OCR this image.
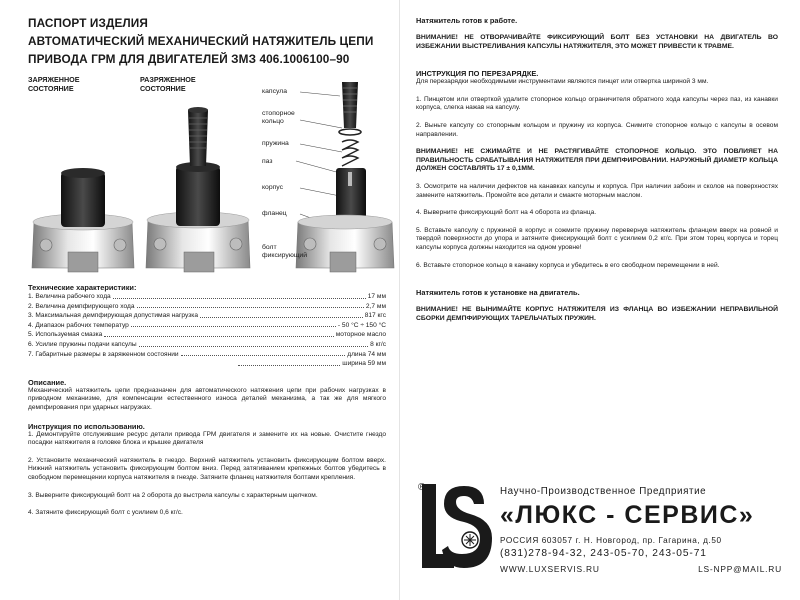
ПАСПОРТ ИЗДЕЛИЯ

АВТОМАТИЧЕСКИЙ МЕХАНИЧЕСКИЙ НАТЯЖИТЕЛЬ ЦЕПИ

ПРИВОДА ГРМ ДЛЯ ДВИГАТЕЛЕЙ ЗМЗ 406.1006100–90

ЗАРЯЖЕННОЕ
СОСТОЯНИЕ
РАЗРЯЖЕННОЕ
СОСТОЯНИЕ	капсула
стопорное
кольцо
пружина
паз
корпус
фланец
болт
фиксирующий

Технические характеристики:

1. Величина рабочего хода	17 мм
2. Величина демпфирующего хода	2,7 мм
3. Максимальная демпфирующая допустимая нагрузка	817 кгс
4. Диапазон рабочих температур	- 50 °С ÷ 150 °С
5. Используемая смазка	моторное масло
6. Усилие пружины подачи капсулы	8 кг/с
7. Габаритные размеры в заряженном состоянии	длина 74 мм
ширина 59 мм

Описание.

Механический натяжитель цепи предназначен для автоматического натяжения цепи при рабочих нагрузках в приводном механизме, для компенсации естественного износа деталей механизма, а так же для мягкого демпфирования при ударных нагрузках.

Инструкция по использованию.

1. Демонтируйте отслужившие ресурс детали привода ГРМ двигателя и замените их на новые. Очистите гнездо посадки натяжителя в головке блока и крышке двигателя

2. Установите механический натяжитель в гнездо. Верхний натяжитель установить фиксирующим болтом вверх. Нижний натяжитель установить фиксирующим болтом вниз. Перед затягиванием крепежных болтов убедитесь в свободном перемещении корпуса натяжителя в гнезде. Затяните фланец натяжителя болтами крепления.

3. Выверните фиксирующий болт на 2 оборота до выстрела капсулы с характерным щелчком.

4. Затяните фиксирующий болт с усилием 0,6 кг/с.

Натяжитель готов к работе.

ВНИМАНИЕ! НЕ ОТВОРАЧИВАЙТЕ ФИКСИРУЮЩИЙ БОЛТ БЕЗ УСТАНОВКИ НА ДВИГАТЕЛЬ ВО ИЗБЕЖАНИИ ВЫСТРЕЛИВАНИЯ КАПСУЛЫ НАТЯЖИТЕЛЯ, ЭТО МОЖЕТ ПРИВЕСТИ К ТРАВМЕ.

ИНСТРУКЦИЯ ПО ПЕРЕЗАРЯДКЕ.

Для перезарядки необходимыми инструментами являются пинцет или отвертка шириной 3 мм.

1. Пинцетом или отверткой удалите стопорное кольцо ограничителя обратного хода капсулы через паз, из канавки корпуса, слегка нажав на капсулу.

2. Выньте капсулу со стопорным кольцом и пружину из корпуса. Снимите стопорное кольцо с капсулы в осевом направлении.

ВНИМАНИЕ! НЕ СЖИМАЙТЕ И НЕ РАСТЯГИВАЙТЕ СТОПОРНОЕ КОЛЬЦО. ЭТО ПОВЛИЯЕТ НА ПРАВИЛЬНОСТЬ СРАБАТЫВАНИЯ НАТЯЖИТЕЛЯ ПРИ ДЕМПФИРОВАНИИ. НАРУЖНЫЙ ДИАМЕТР КОЛЬЦА ДОЛЖЕН СОСТАВЛЯТЬ 17 ± 0,1ММ.

3. Осмотрите на наличии дефектов на канавках капсулы и корпуса. При наличии забоин и сколов на поверхностях замените натяжитель. Промойте все детали и смажте моторным маслом.

4. Выверните фиксирующий болт на 4 оборота из фланца.

5. Вставьте капсулу с пружиной в корпус и сожмите пружину перевернув натяжитель фланцем вверх на ровной и твердой поверхности до упора и затяните фиксирующий болт с усилием 0,2 кг/с. При этом торец корпуса и торец капсулы корпуса должны находится на одном уровне!

6. Вставьте стопорное кольцо в канавку корпуса и убедитесь в его свободном перемещении в ней.

Натяжитель готов к установке на двигатель.

ВНИМАНИЕ! НЕ ВЫНИМАЙТЕ КОРПУС НАТЯЖИТЕЛЯ ИЗ ФЛАНЦА ВО ИЗБЕЖАНИИ НЕПРАВИЛЬНОЙ СБОРКИ ДЕМПФИРУЮЩИХ ТАРЕЛЬЧАТЫХ ПРУЖИН.

®	Научно-Производственное Предприятие
«ЛЮКС - СЕРВИС»
РОССИЯ 603057 г. Н. Новгород, пр. Гагарина, д.50
(831)278-94-32, 243-05-70, 243-05-71
WWW.LUXSERVIS.RU	LS-NPP@MAIL.RU
